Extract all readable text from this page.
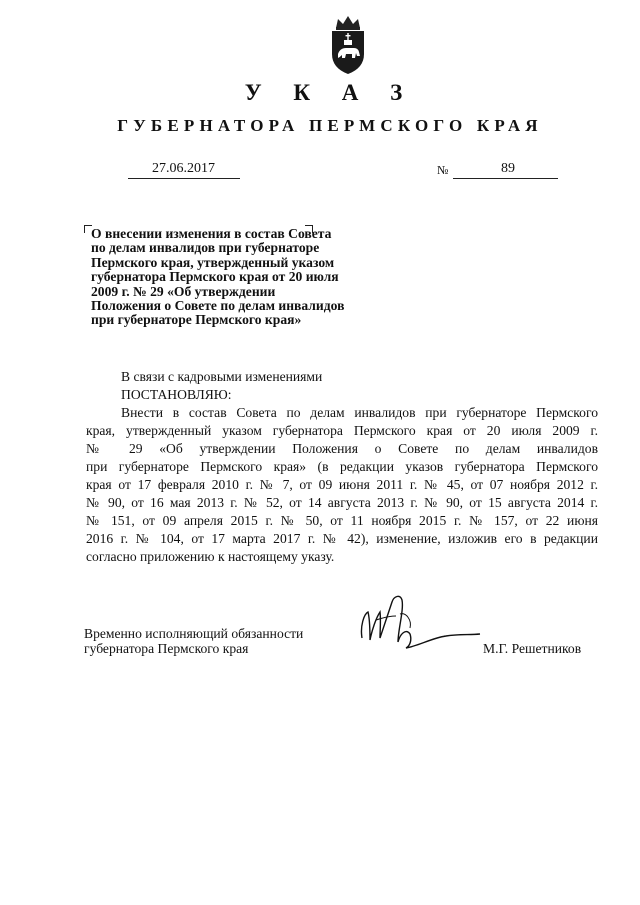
У К А З
ГУБЕРНАТОРА ПЕРМСКОГО КРАЯ
27.06.2017	№	89
О внесении изменения в состав Совета
по делам инвалидов при губернаторе
Пермского края, утвержденный указом
губернатора Пермского края от 20 июля
2009 г. № 29 «Об утверждении
Положения о Совете по делам инвалидов
при губернаторе Пермского края»
В связи с кадровыми изменениями
ПОСТАНОВЛЯЮ:
Внести в состав Совета по делам инвалидов при губернаторе Пермского
края, утвержденный указом губернатора Пермского края от 20 июля 2009 г.
№ 29 «Об утверждении Положения о Совете по делам инвалидов
при губернаторе Пермского края» (в редакции указов губернатора Пермского
края от 17 февраля 2010 г. № 7, от 09 июня 2011 г. № 45, от 07 ноября 2012 г.
№ 90, от 16 мая 2013 г. № 52, от 14 августа 2013 г. № 90, от 15 августа 2014 г.
№ 151, от 09 апреля 2015 г. № 50, от 11 ноября 2015 г. № 157, от 22 июня
2016 г. № 104, от 17 марта 2017 г. № 42), изменение, изложив его в редакции
согласно приложению к настоящему указу.
Временно исполняющий обязанности
губернатора Пермского края	М.Г. Решетников
